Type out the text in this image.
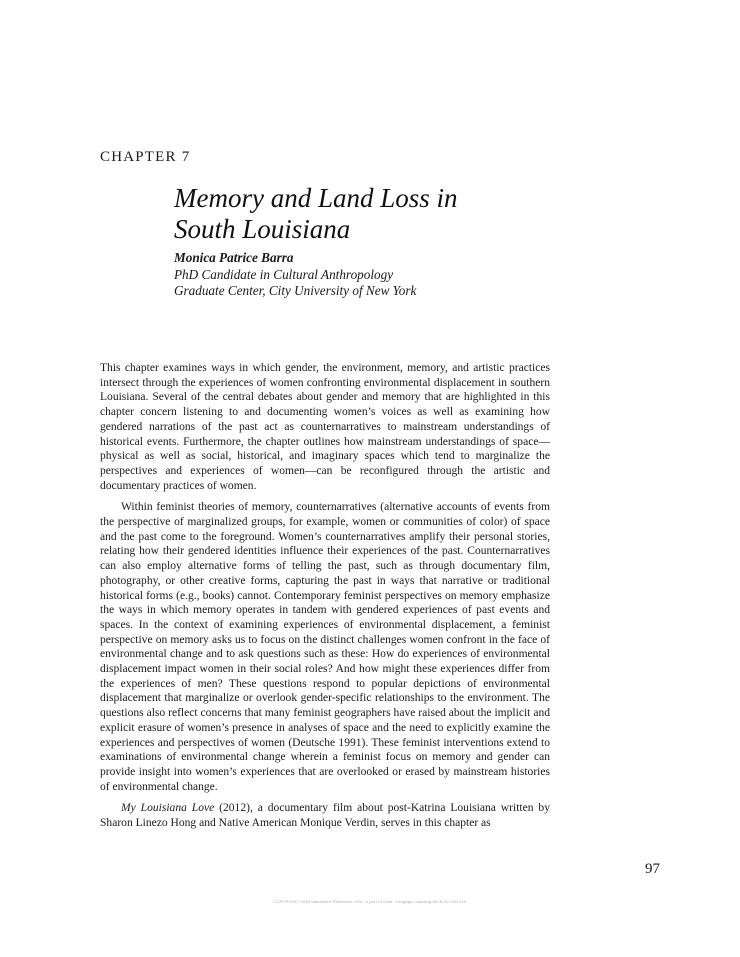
CHAPTER 7
Memory and Land Loss in
South Louisiana
Monica Patrice Barra
PhD Candidate in Cultural Anthropology
Graduate Center, City University of New York

This chapter examines ways in which gender, the environment, memory, and artistic practices intersect through the experiences of women confronting environmental displacement in southern Louisiana. Several of the central debates about gender and memory that are highlighted in this chapter concern listening to and documenting women’s voices as well as examining how gendered narrations of the past act as counternarratives to mainstream understandings of historical events. Furthermore, the chapter outlines how mainstream understandings of space—physical as well as social, historical, and imaginary spaces which tend to marginalize the perspectives and experiences of women—can be reconfigured through the artistic and documentary practices of women.

Within feminist theories of memory, counternarratives (alternative accounts of events from the perspective of marginalized groups, for example, women or communities of color) of space and the past come to the foreground. Women’s counternarratives amplify their personal stories, relating how their gendered identities influence their experiences of the past. Counternarratives can also employ alternative forms of telling the past, such as through documentary film, photography, or other creative forms, capturing the past in ways that narrative or traditional historical forms (e.g., books) cannot. Contemporary feminist perspectives on memory emphasize the ways in which memory operates in tandem with gendered experiences of past events and spaces. In the context of examining experiences of environmental displacement, a feminist perspective on memory asks us to focus on the distinct challenges women confront in the face of environmental change and to ask questions such as these: How do experiences of environmental displacement impact women in their social roles? And how might these experiences differ from the experiences of men? These questions respond to popular depictions of environmental displacement that marginalize or overlook gender-specific relationships to the environment. The questions also reflect concerns that many feminist geographers have raised about the implicit and explicit erasure of women’s presence in analyses of space and the need to explicitly examine the experiences and perspectives of women (Deutsche 1991). These feminist interventions extend to examinations of environmental change wherein a feminist focus on memory and gender can provide insight into women’s experiences that are overlooked or erased by mainstream histories of environmental change.

My Louisiana Love (2012), a documentary film about post-Katrina Louisiana written by Sharon Linezo Hong and Native American Monique Verdin, serves in this chapter as

97
COPYRIGHT 2016 Macmillan Reference USA, a part of Gale, Cengage Learning WCN 02-200-210
